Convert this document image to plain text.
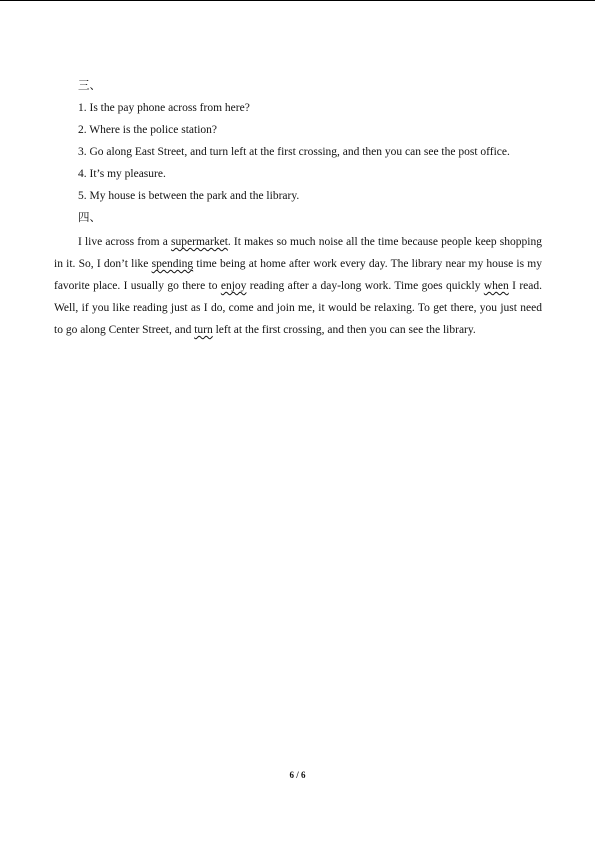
三、
1. Is the pay phone across from here?
2. Where is the police station?
3. Go along East Street, and turn left at the first crossing, and then you can see the post office.
4. It’s my pleasure.
5. My house is between the park and the library.
四、
I live across from a supermarket. It makes so much noise all the time because people keep shopping in it. So, I don’t like spending time being at home after work every day. The library near my house is my favorite place. I usually go there to enjoy reading after a day-long work. Time goes quickly when I read. Well, if you like reading just as I do, come and join me, it would be relaxing. To get there, you just need to go along Center Street, and turn left at the first crossing, and then you can see the library.
6 / 6
